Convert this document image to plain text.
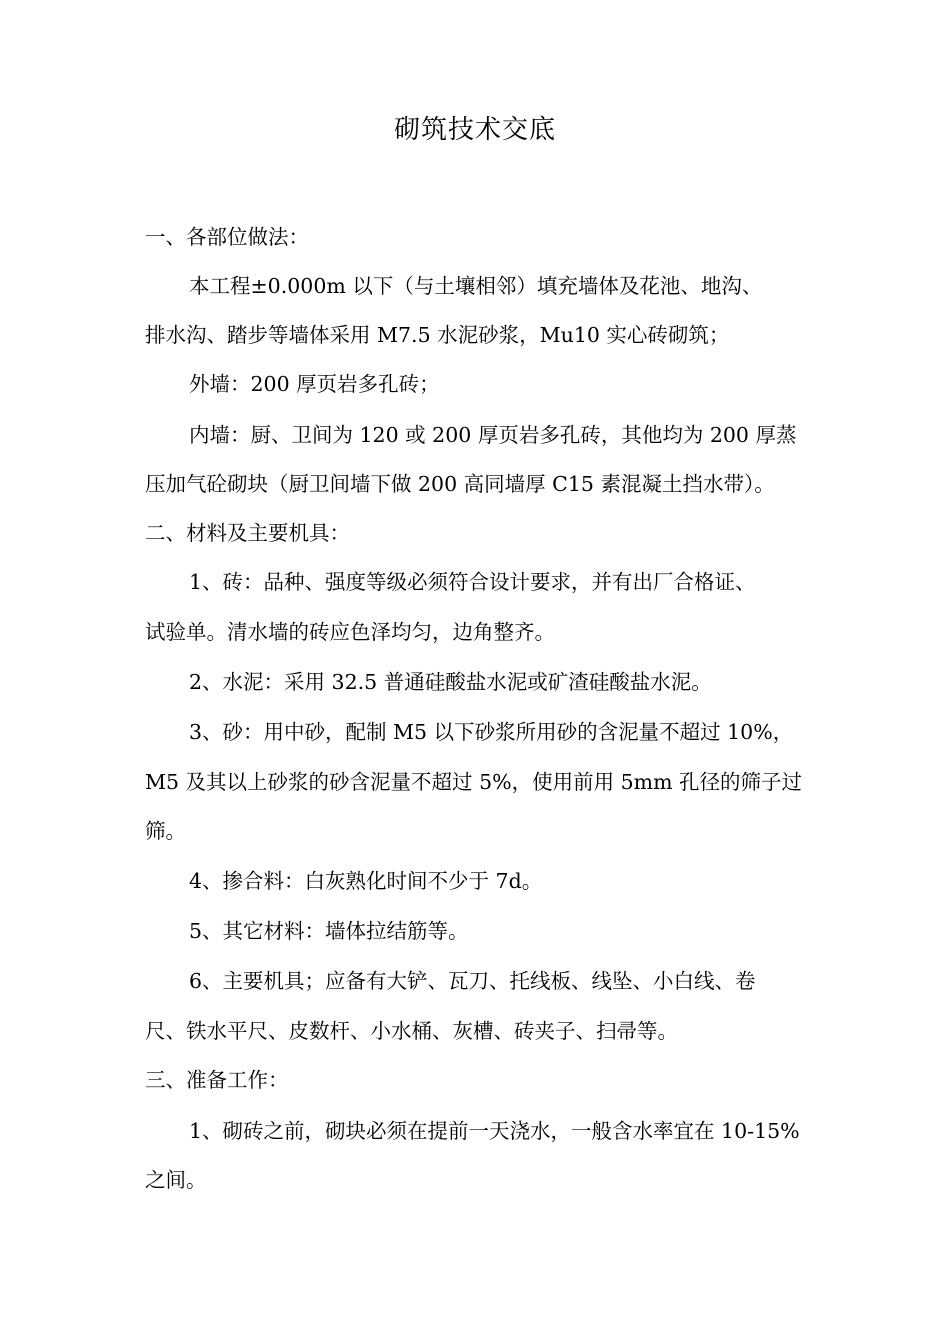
砌筑技术交底
一、各部位做法：
本工程±0.000m 以下（与土壤相邻）填充墙体及花池、地沟、
排水沟、踏步等墙体采用 M7.5 水泥砂浆，Mu10 实心砖砌筑；
外墙：200 厚页岩多孔砖；
内墙：厨、卫间为 120 或 200 厚页岩多孔砖，其他均为 200 厚蒸
压加气砼砌块（厨卫间墙下做 200 高同墙厚 C15 素混凝土挡水带）。
二、材料及主要机具：
1、砖：品种、强度等级必须符合设计要求，并有出厂合格证、
试验单。清水墙的砖应色泽均匀，边角整齐。
2、水泥：采用 32.5 普通硅酸盐水泥或矿渣硅酸盐水泥。
3、砂：用中砂，配制 M5 以下砂浆所用砂的含泥量不超过 10%，
M5 及其以上砂浆的砂含泥量不超过 5%，使用前用 5mm 孔径的筛子过
筛。
4、掺合料：白灰熟化时间不少于 7d。
5、其它材料：墙体拉结筋等。
6、主要机具；应备有大铲、瓦刀、托线板、线坠、小白线、卷
尺、铁水平尺、皮数杆、小水桶、灰槽、砖夹子、扫帚等。
三、准备工作：
1、砌砖之前，砌块必须在提前一天浇水，一般含水率宜在 10-15%
之间。
